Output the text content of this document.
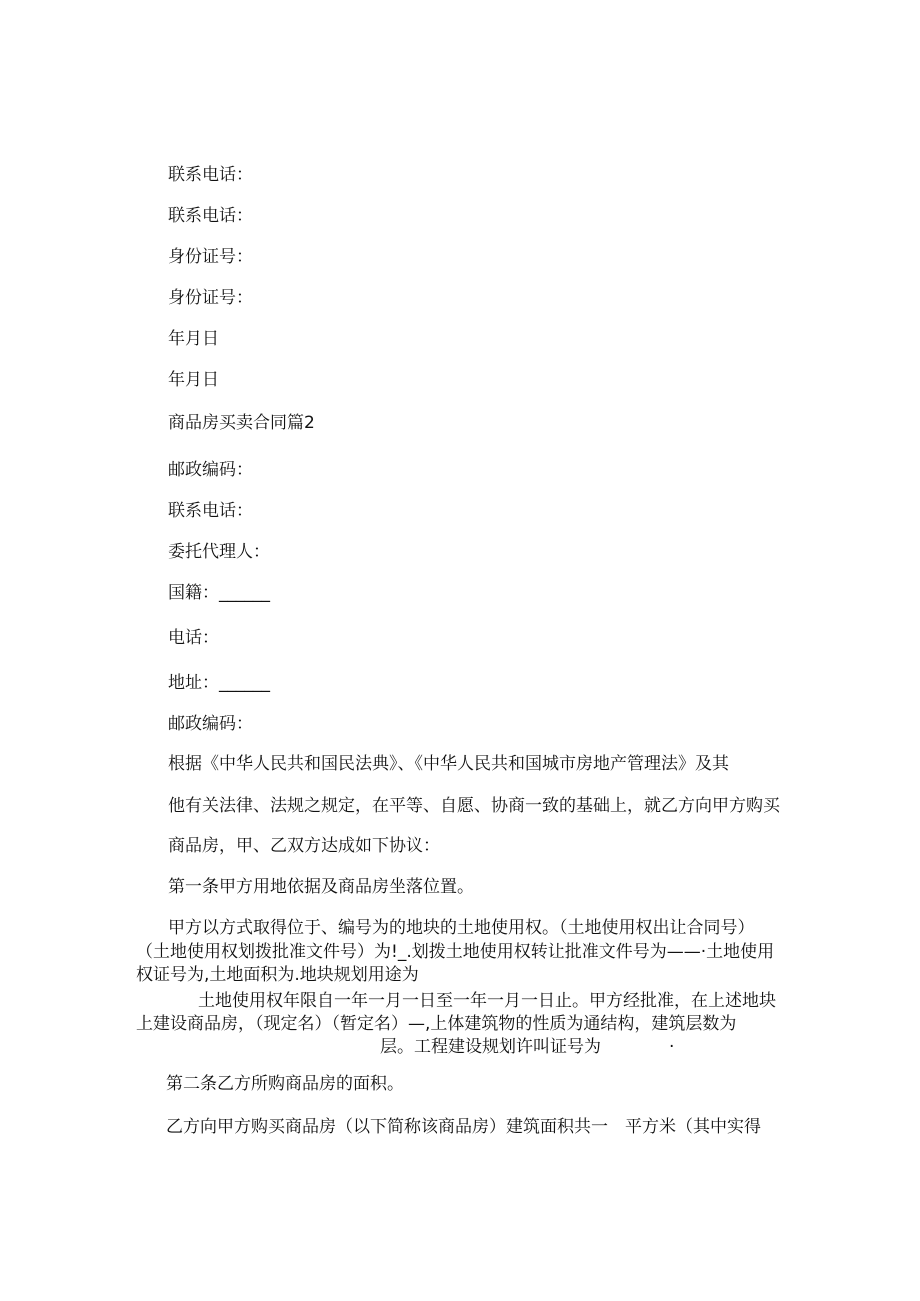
联系电话：

联系电话：

身份证号：

身份证号：

年月日

年月日

商品房买卖合同篇2

邮政编码：

联系电话：

委托代理人：

国籍：______

电话：

地址：______

邮政编码：

根据《中华人民共和国民法典》、《中华人民共和国城市房地产管理法》及其

他有关法律、法规之规定，在平等、自愿、协商一致的基础上，就乙方向甲方购买

商品房，甲、乙双方达成如下协议：

第一条甲方用地依据及商品房坐落位置。

甲方以方式取得位于、编号为的地块的土地使用权。（土地使用权出让合同号）

（土地使用权划拨批准文件号）为!_.划拨土地使用权转让批准文件号为——·土地使用

权证号为,土地面积为.地块规划用途为

土地使用权年限自一年一月一日至一年一月一日止。甲方经批准，在上述地块

上建设商品房，（现定名）（暂定名）—,上体建筑物的性质为通结构，建筑层数为

层。工程建设规划许叫证号为　　　　·

第二条乙方所购商品房的面积。

乙方向甲方购买商品房（以下简称该商品房）建筑面积共一　平方米（其中实得
